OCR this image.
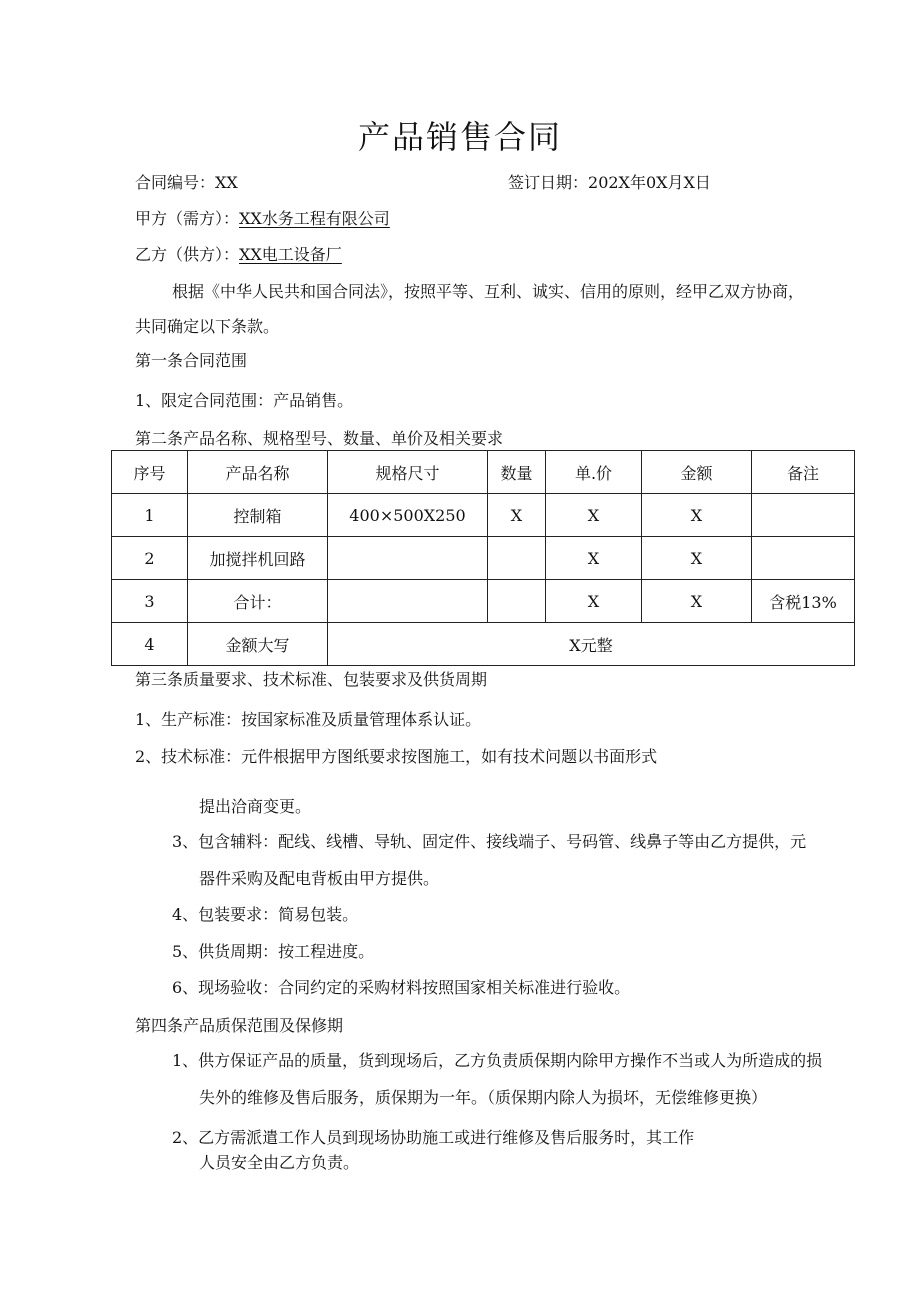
产品销售合同
合同编号：XX	签订日期：202X年0X月X日
甲方（需方）：XX水务工程有限公司
乙方（供方）：XX电工设备厂
根据《中华人民共和国合同法》，按照平等、互利、诚实、信用的原则，经甲乙双方协商，
共同确定以下条款。
第一条合同范围
1、限定合同范围：产品销售。
第二条产品名称、规格型号、数量、单价及相关要求
序号	产品名称	规格尺寸	数量	单.价	金额	备注
1	控制箱	400×500X250	X	X	X	
2	加搅拌机回路			X	X	
3	合计：			X	X	含税13%
4	金额大写	X元整				
第三条质量要求、技术标准、包装要求及供货周期
1、生产标准：按国家标准及质量管理体系认证。
2、技术标准：元件根据甲方图纸要求按图施工，如有技术问题以书面形式
提出洽商变更。
3、包含辅料：配线、线槽、导轨、固定件、接线端子、号码管、线鼻子等由乙方提供，元
器件采购及配电背板由甲方提供。
4、包装要求：简易包装。
5、供货周期：按工程进度。
6、现场验收：合同约定的采购材料按照国家相关标准进行验收。
第四条产品质保范围及保修期
1、供方保证产品的质量，货到现场后，乙方负责质保期内除甲方操作不当或人为所造成的损
失外的维修及售后服务，质保期为一年。（质保期内除人为损坏，无偿维修更换）
2、乙方需派遣工作人员到现场协助施工或进行维修及售后服务时，其工作
人员安全由乙方负责。
